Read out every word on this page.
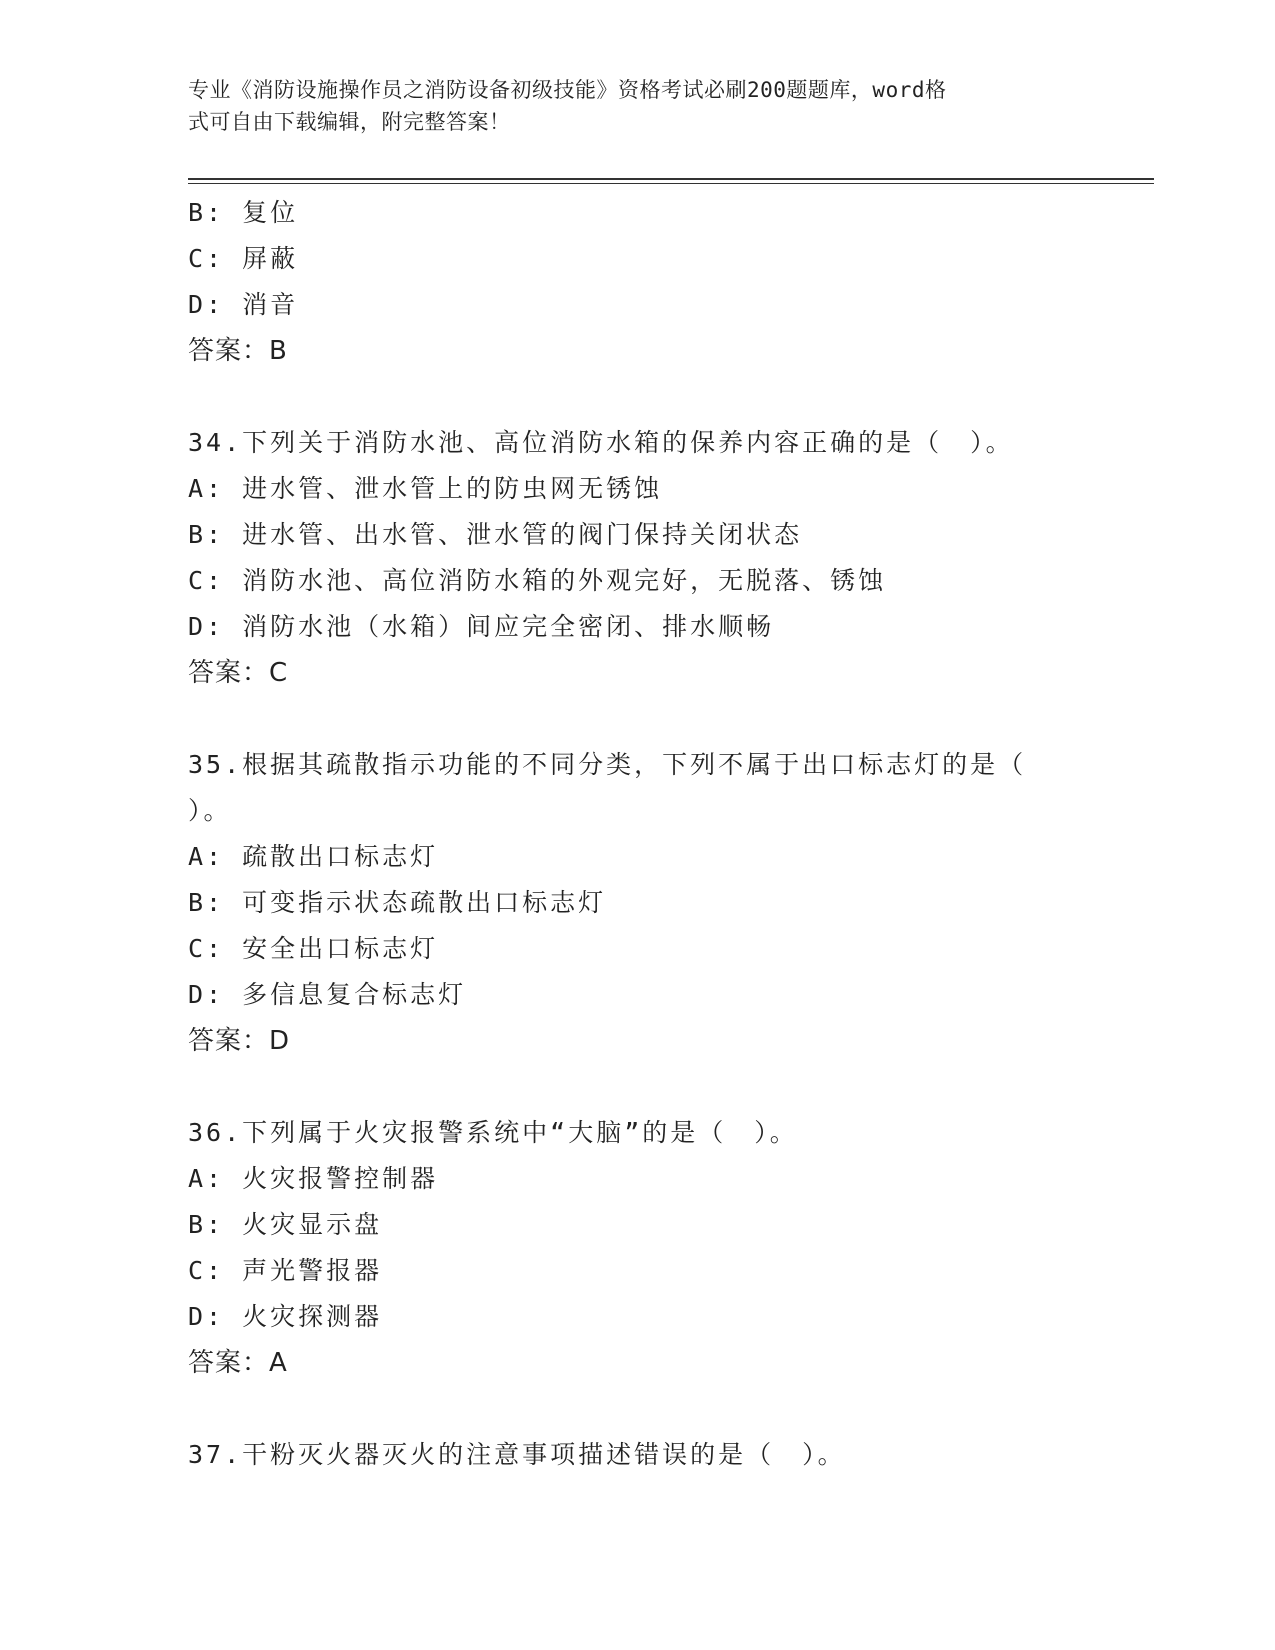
专业《消防设施操作员之消防设备初级技能》资格考试必刷200题题库，word格
式可自由下载编辑，附完整答案！
B: 复位
C: 屏蔽
D: 消音
答案：B
34.下列关于消防水池、高位消防水箱的保养内容正确的是（　）。
A: 进水管、泄水管上的防虫网无锈蚀
B: 进水管、出水管、泄水管的阀门保持关闭状态
C: 消防水池、高位消防水箱的外观完好，无脱落、锈蚀
D: 消防水池（水箱）间应完全密闭、排水顺畅
答案：C
35.根据其疏散指示功能的不同分类，下列不属于出口标志灯的是（
）。
A: 疏散出口标志灯
B: 可变指示状态疏散出口标志灯
C: 安全出口标志灯
D: 多信息复合标志灯
答案：D
36.下列属于火灾报警系统中“大脑”的是（　）。
A: 火灾报警控制器
B: 火灾显示盘
C: 声光警报器
D: 火灾探测器
答案：A
37.干粉灭火器灭火的注意事项描述错误的是（　）。
